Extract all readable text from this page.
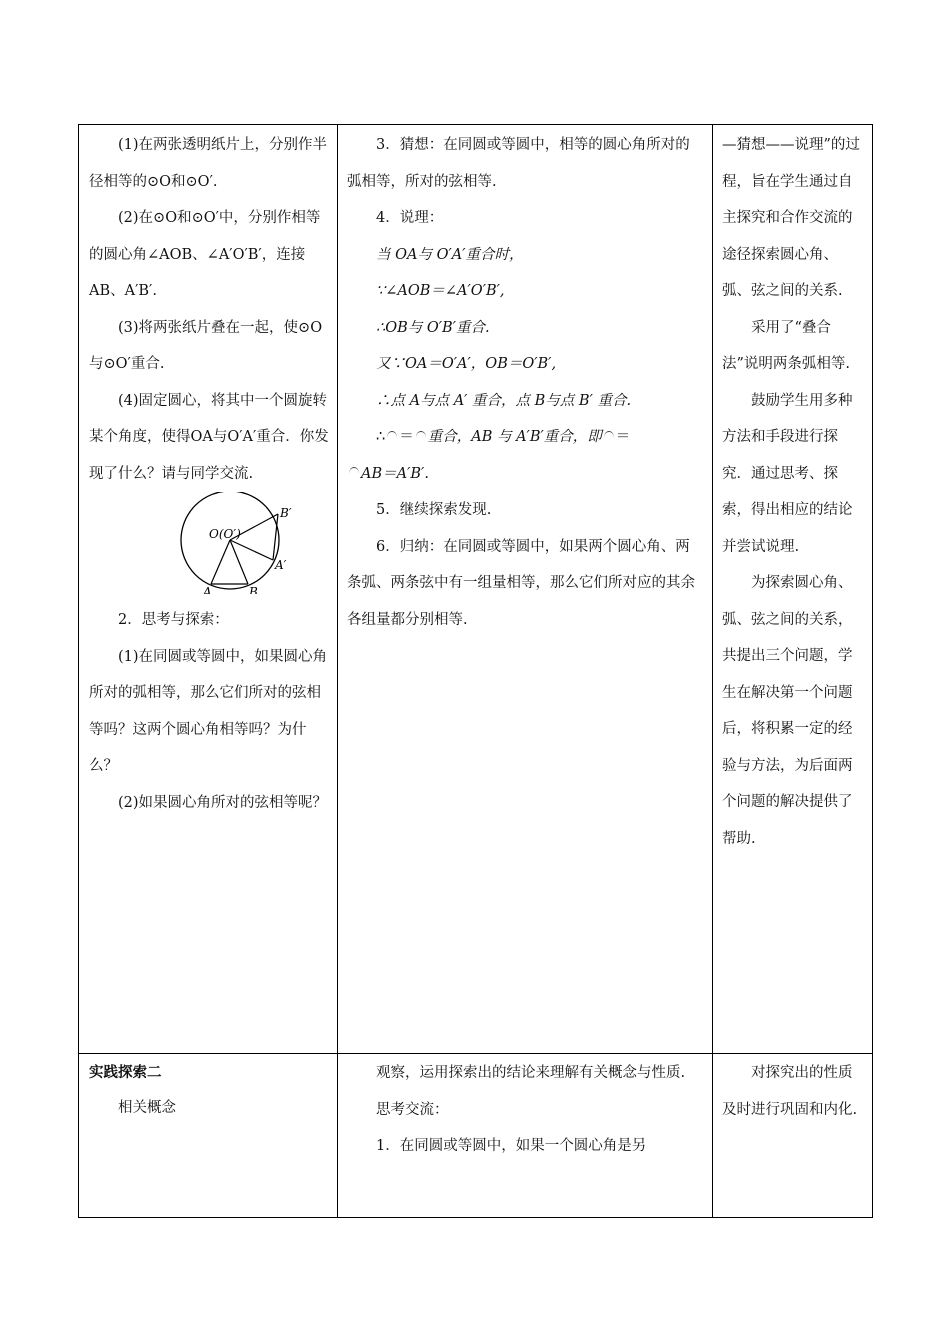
(1)在两张透明纸片上，分别作半径相等的⊙O和⊙O′.

(2)在⊙O和⊙O′中，分别作相等的圆心角∠AOB、∠A′O′B′，连接AB、A′B′.

(3)将两张纸片叠在一起，使⊙O与⊙O′重合.

(4)固定圆心，将其中一个圆旋转某个角度，使得OA与O′A′重合．你发现了什么？请与同学交流.

O(O′)
B′
A′
A	B

2．思考与探索：

(1)在同圆或等圆中，如果圆心角所对的弧相等，那么它们所对的弦相等吗？这两个圆心角相等吗？为什么？

(2)如果圆心角所对的弦相等呢？

3．猜想：在同圆或等圆中，相等的圆心角所对的弧相等，所对的弦相等.

4．说理：

当 OA与 O′A′重合时，

∵∠AOB＝∠A′O′B′,

∴OB与 O′B′重合.

又∵OA＝O′A′，OB＝O′B′,

∴点 A与点 A′ 重合，点 B与点 B′ 重合.

∴ ＝ 重合，AB 与 A′B′重合，即 ＝

AB＝A′B′.

5．继续探索发现.

6．归纳：在同圆或等圆中，如果两个圆心角、两条弧、两条弦中有一组量相等，那么它们所对应的其余各组量都分别相等.

—猜想——说理”的过程，旨在学生通过自主探究和合作交流的途径探索圆心角、弧、弦之间的关系.

采用了“叠合法”说明两条弧相等.

鼓励学生用多种方法和手段进行探究．通过思考、探索，得出相应的结论并尝试说理.

为探索圆心角、弧、弦之间的关系，共提出三个问题，学生在解决第一个问题后，将积累一定的经验与方法，为后面两个问题的解决提供了帮助.

实践探索二

相关概念

观察，运用探索出的结论来理解有关概念与性质.

思考交流：

1．在同圆或等圆中，如果一个圆心角是另

对探究出的性质及时进行巩固和内化.
